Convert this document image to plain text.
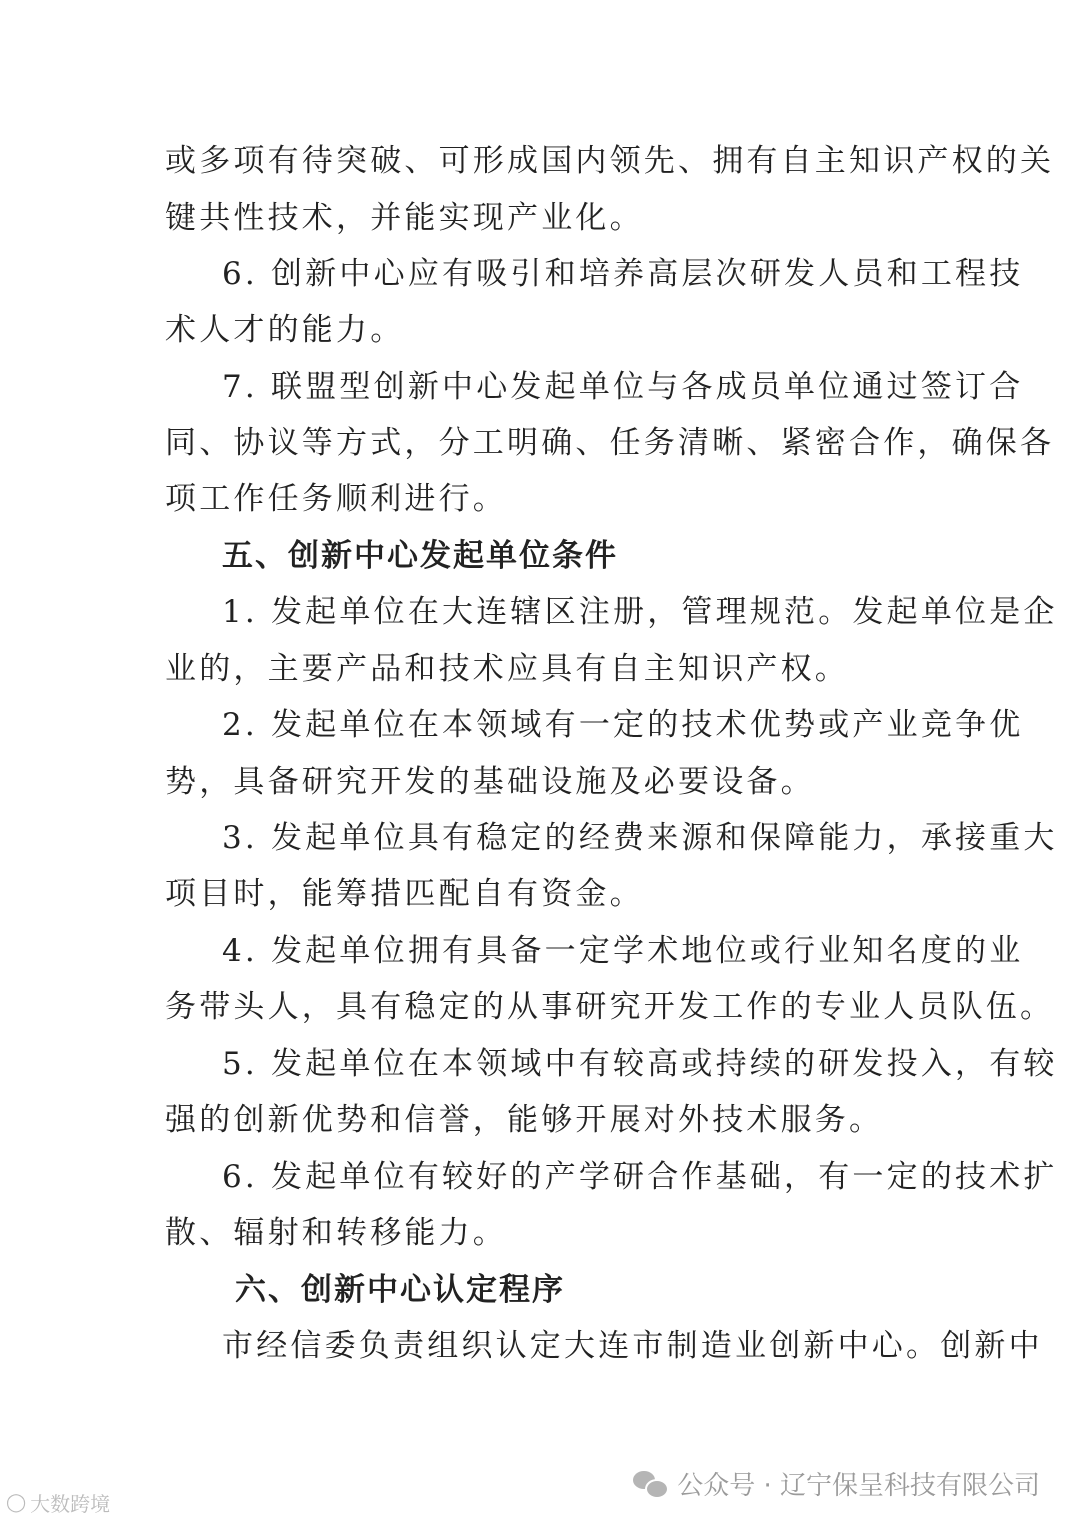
或多项有待突破、可形成国内领先、拥有自主知识产权的关
键共性技术，并能实现产业化。
6. 创新中心应有吸引和培养高层次研发人员和工程技
术人才的能力。
7. 联盟型创新中心发起单位与各成员单位通过签订合
同、协议等方式，分工明确、任务清晰、紧密合作，确保各
项工作任务顺利进行。
五、创新中心发起单位条件
1. 发起单位在大连辖区注册，管理规范。发起单位是企
业的，主要产品和技术应具有自主知识产权。
2. 发起单位在本领域有一定的技术优势或产业竞争优
势，具备研究开发的基础设施及必要设备。
3. 发起单位具有稳定的经费来源和保障能力，承接重大
项目时，能筹措匹配自有资金。
4. 发起单位拥有具备一定学术地位或行业知名度的业
务带头人，具有稳定的从事研究开发工作的专业人员队伍。
5. 发起单位在本领域中有较高或持续的研发投入，有较
强的创新优势和信誉，能够开展对外技术服务。
6. 发起单位有较好的产学研合作基础，有一定的技术扩
散、辐射和转移能力。
六、创新中心认定程序
市经信委负责组织认定大连市制造业创新中心。创新中
◯ 大数跨境
公众号 · 辽宁保呈科技有限公司
